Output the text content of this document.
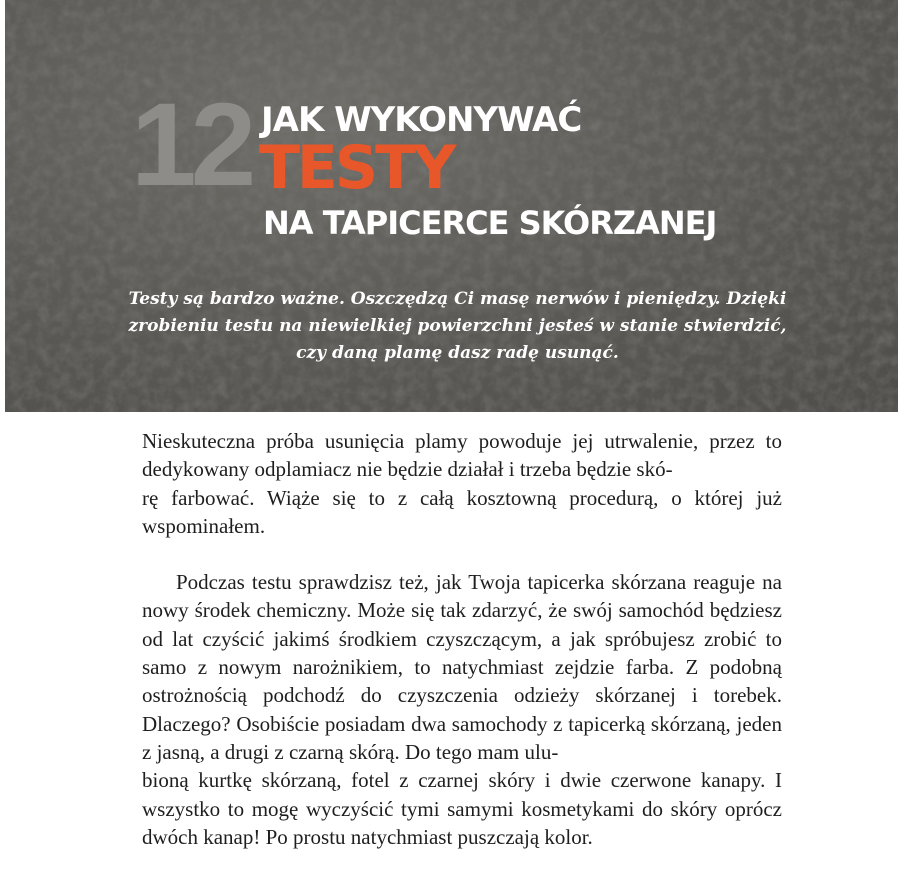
12 JAK WYKONYWAĆ
TESTY
NA TAPICERCE SKÓRZANEJ

Testy są bardzo ważne. Oszczędzą Ci masę nerwów i pieniędzy. Dzięki zrobieniu testu na niewielkiej powierzchni jesteś w stanie stwierdzić, czy daną plamę dasz radę usunąć.

Nieskuteczna próba usunięcia plamy powoduje jej utrwalenie, przez to dedykowany odplamiacz nie będzie działał i trzeba będzie skó-
rę farbować. Wiąże się to z całą kosztowną procedurą, o której już wspominałem.

Podczas testu sprawdzisz też, jak Twoja tapicerka skórzana reaguje na nowy środek chemiczny. Może się tak zdarzyć, że swój samochód będziesz od lat czyścić jakimś środkiem czyszczącym, a jak spróbujesz zrobić to samo z nowym narożnikiem, to natychmiast zejdzie farba. Z podobną ostrożnością podchodź do czyszczenia odzieży skórzanej i torebek. Dlaczego? Osobiście posiadam dwa samochody z tapicerką skórzaną, jeden z jasną, a drugi z czarną skórą. Do tego mam ulu-
bioną kurtkę skórzaną, fotel z czarnej skóry i dwie czerwone kanapy. I wszystko to mogę wyczyścić tymi samymi kosmetykami do skóry oprócz dwóch kanap! Po prostu natychmiast puszczają kolor.
